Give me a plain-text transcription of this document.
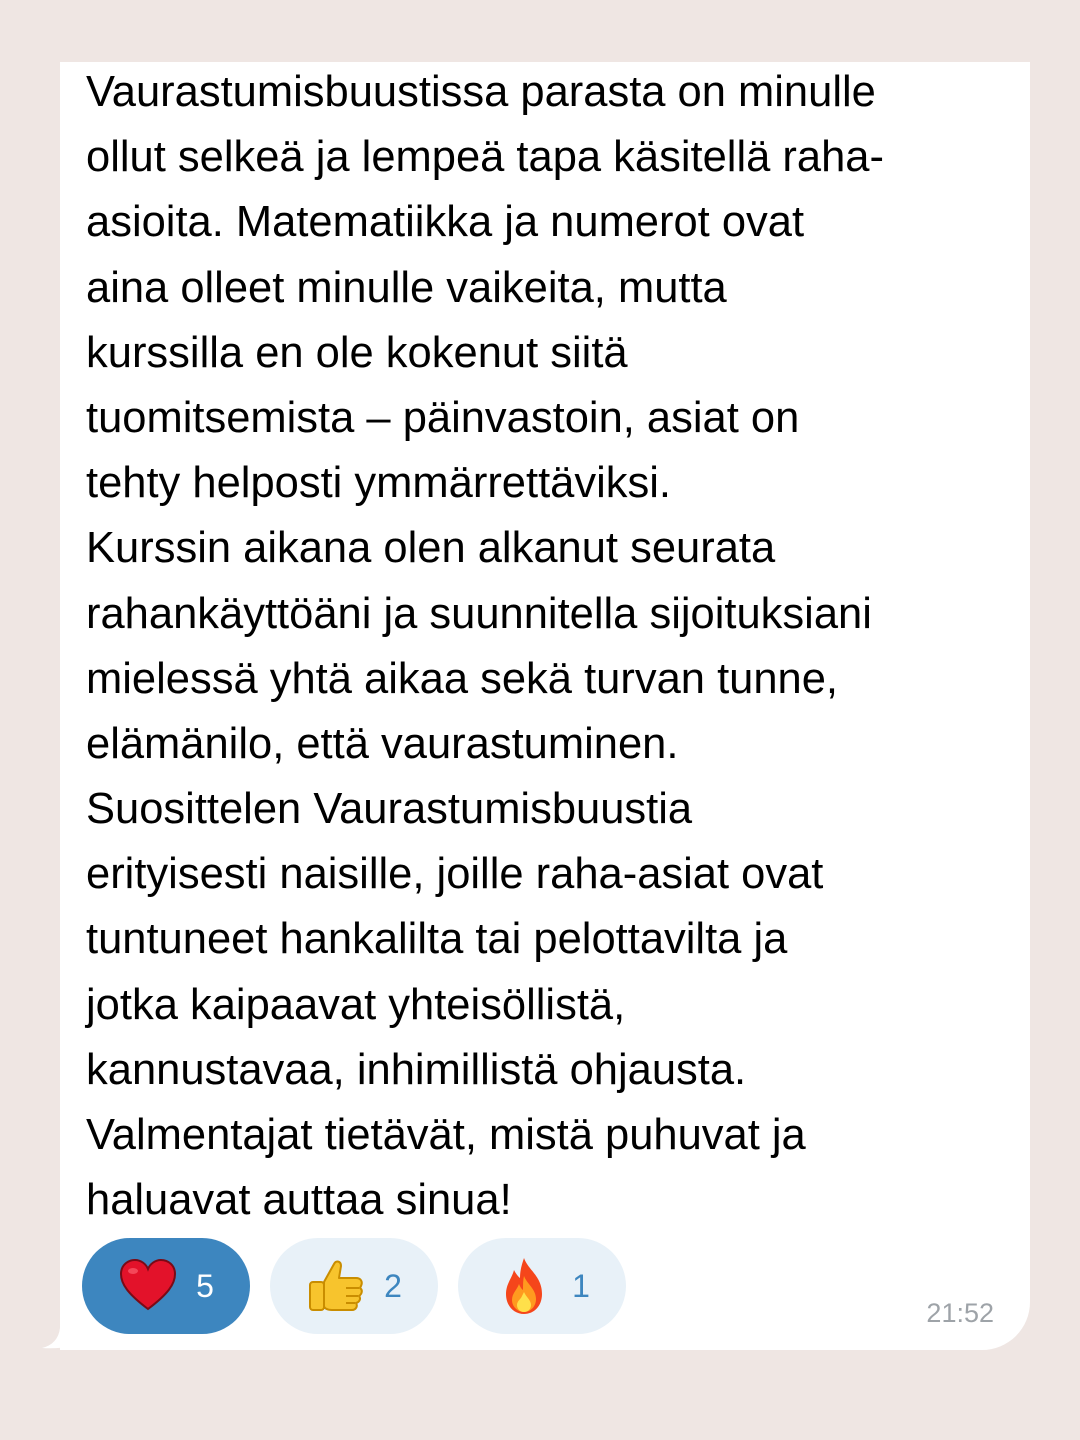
Vaurastumisbuustissa parasta on minulle
ollut selkeä ja lempeä tapa käsitellä raha-
asioita. Matematiikka ja numerot ovat
aina olleet minulle vaikeita, mutta
kurssilla en ole kokenut siitä
tuomitsemista – päinvastoin, asiat on
tehty helposti ymmärrettäviksi.
Kurssin aikana olen alkanut seurata
rahankäyttöäni ja suunnitella sijoituksiani
mielessä yhtä aikaa sekä turvan tunne,
elämänilo, että vaurastuminen.
Suosittelen Vaurastumisbuustia
erityisesti naisille, joille raha-asiat ovat
tuntuneet hankalilta tai pelottavilta ja
jotka kaipaavat yhteisöllistä,
kannustavaa, inhimillistä ohjausta.
Valmentajat tietävät, mistä puhuvat ja
haluavat auttaa sinua!
5	2	1
21:52
